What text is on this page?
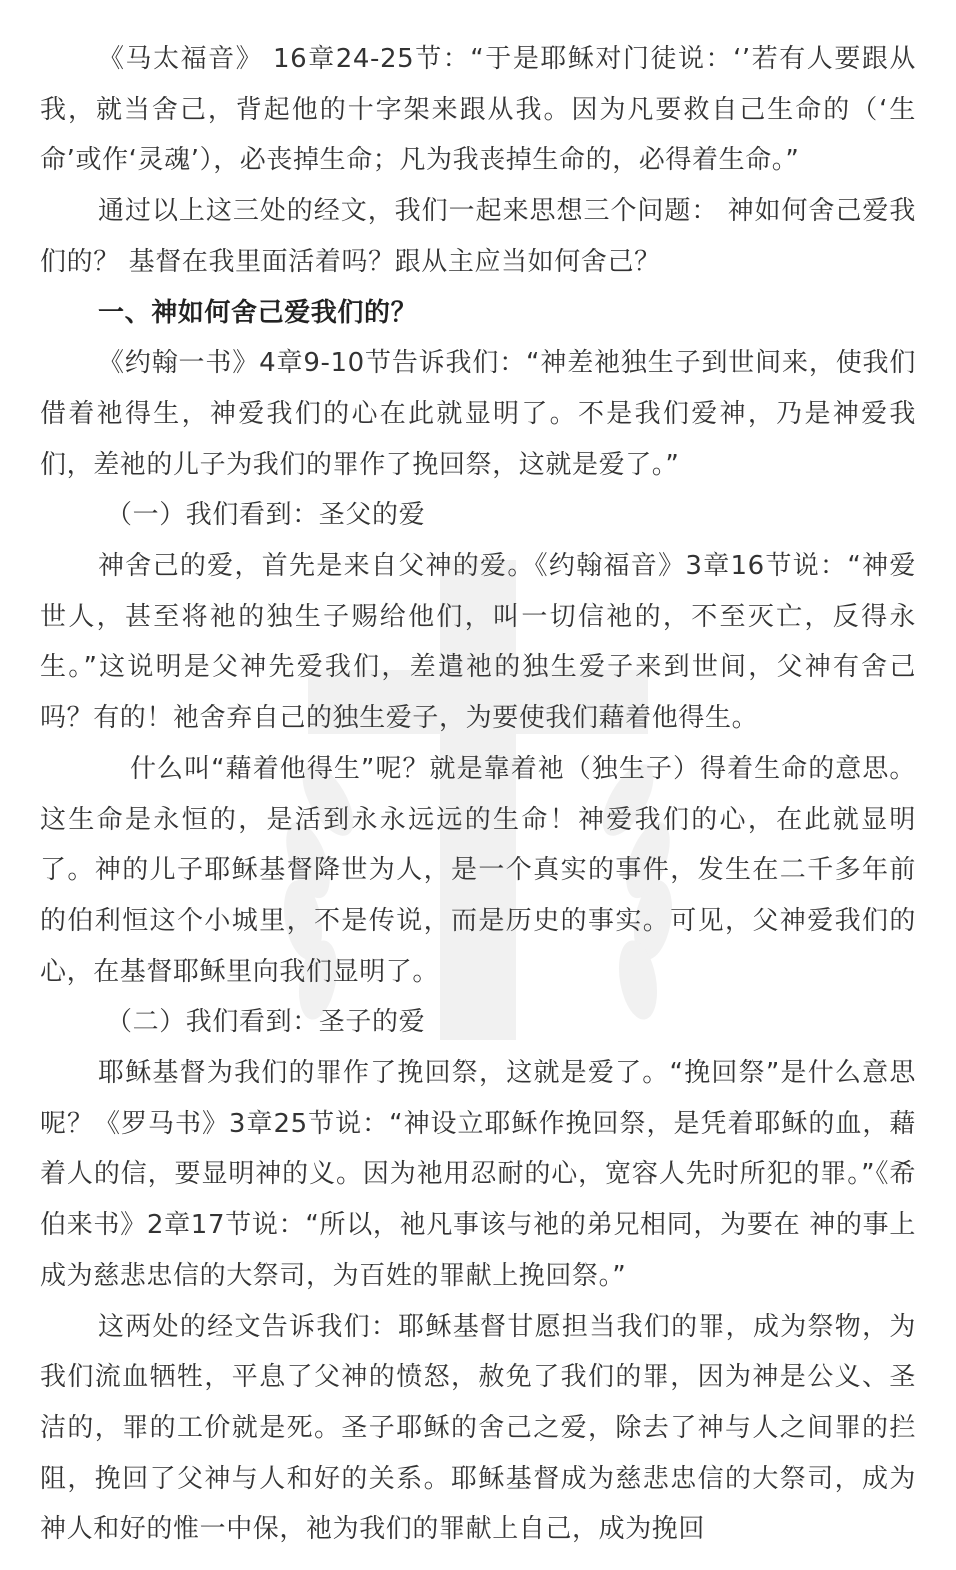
《马太福音》 16章24-25节：“于是耶稣对门徒说：‘’若有人要跟从我，就当舍己，背起他的十字架来跟从我。因为凡要救自己生命的（‘生命’或作‘灵魂’），必丧掉生命；凡为我丧掉生命的，必得着生命。”

通过以上这三处的经文，我们一起来思想三个问题： 神如何舍己爱我们的？ 基督在我里面活着吗？跟从主应当如何舍己？

一、神如何舍己爱我们的？

《约翰一书》4章9-10节告诉我们：“神差祂独生子到世间来，使我们借着祂得生，神爱我们的心在此就显明了。不是我们爱神，乃是神爱我们，差祂的儿子为我们的罪作了挽回祭，这就是爱了。”

（一）我们看到：圣父的爱

神舍己的爱，首先是来自父神的爱。《约翰福音》3章16节说：“神爱世人，甚至将祂的独生子赐给他们，叫一切信祂的，不至灭亡，反得永生。”这说明是父神先爱我们，差遣祂的独生爱子来到世间，父神有舍己吗？有的！祂舍弃自己的独生爱子，为要使我们藉着他得生。

什么叫“藉着他得生”呢？就是靠着祂（独生子）得着生命的意思。这生命是永恒的，是活到永永远远的生命！神爱我们的心，在此就显明了。神的儿子耶稣基督降世为人，是一个真实的事件，发生在二千多年前的伯利恒这个小城里，不是传说，而是历史的事实。可见，父神爱我们的心，在基督耶稣里向我们显明了。

（二）我们看到：圣子的爱

耶稣基督为我们的罪作了挽回祭，这就是爱了。“挽回祭”是什么意思呢？《罗马书》3章25节说：“神设立耶稣作挽回祭，是凭着耶稣的血，藉着人的信，要显明神的义。因为祂用忍耐的心，宽容人先时所犯的罪。”《希伯来书》2章17节说：“所以，祂凡事该与祂的弟兄相同，为要在 神的事上成为慈悲忠信的大祭司，为百姓的罪献上挽回祭。”

这两处的经文告诉我们：耶稣基督甘愿担当我们的罪，成为祭物，为我们流血牺牲，平息了父神的愤怒，赦免了我们的罪，因为神是公义、圣洁的，罪的工价就是死。圣子耶稣的舍己之爱，除去了神与人之间罪的拦阻，挽回了父神与人和好的关系。耶稣基督成为慈悲忠信的大祭司，成为神人和好的惟一中保，祂为我们的罪献上自己，成为挽回
